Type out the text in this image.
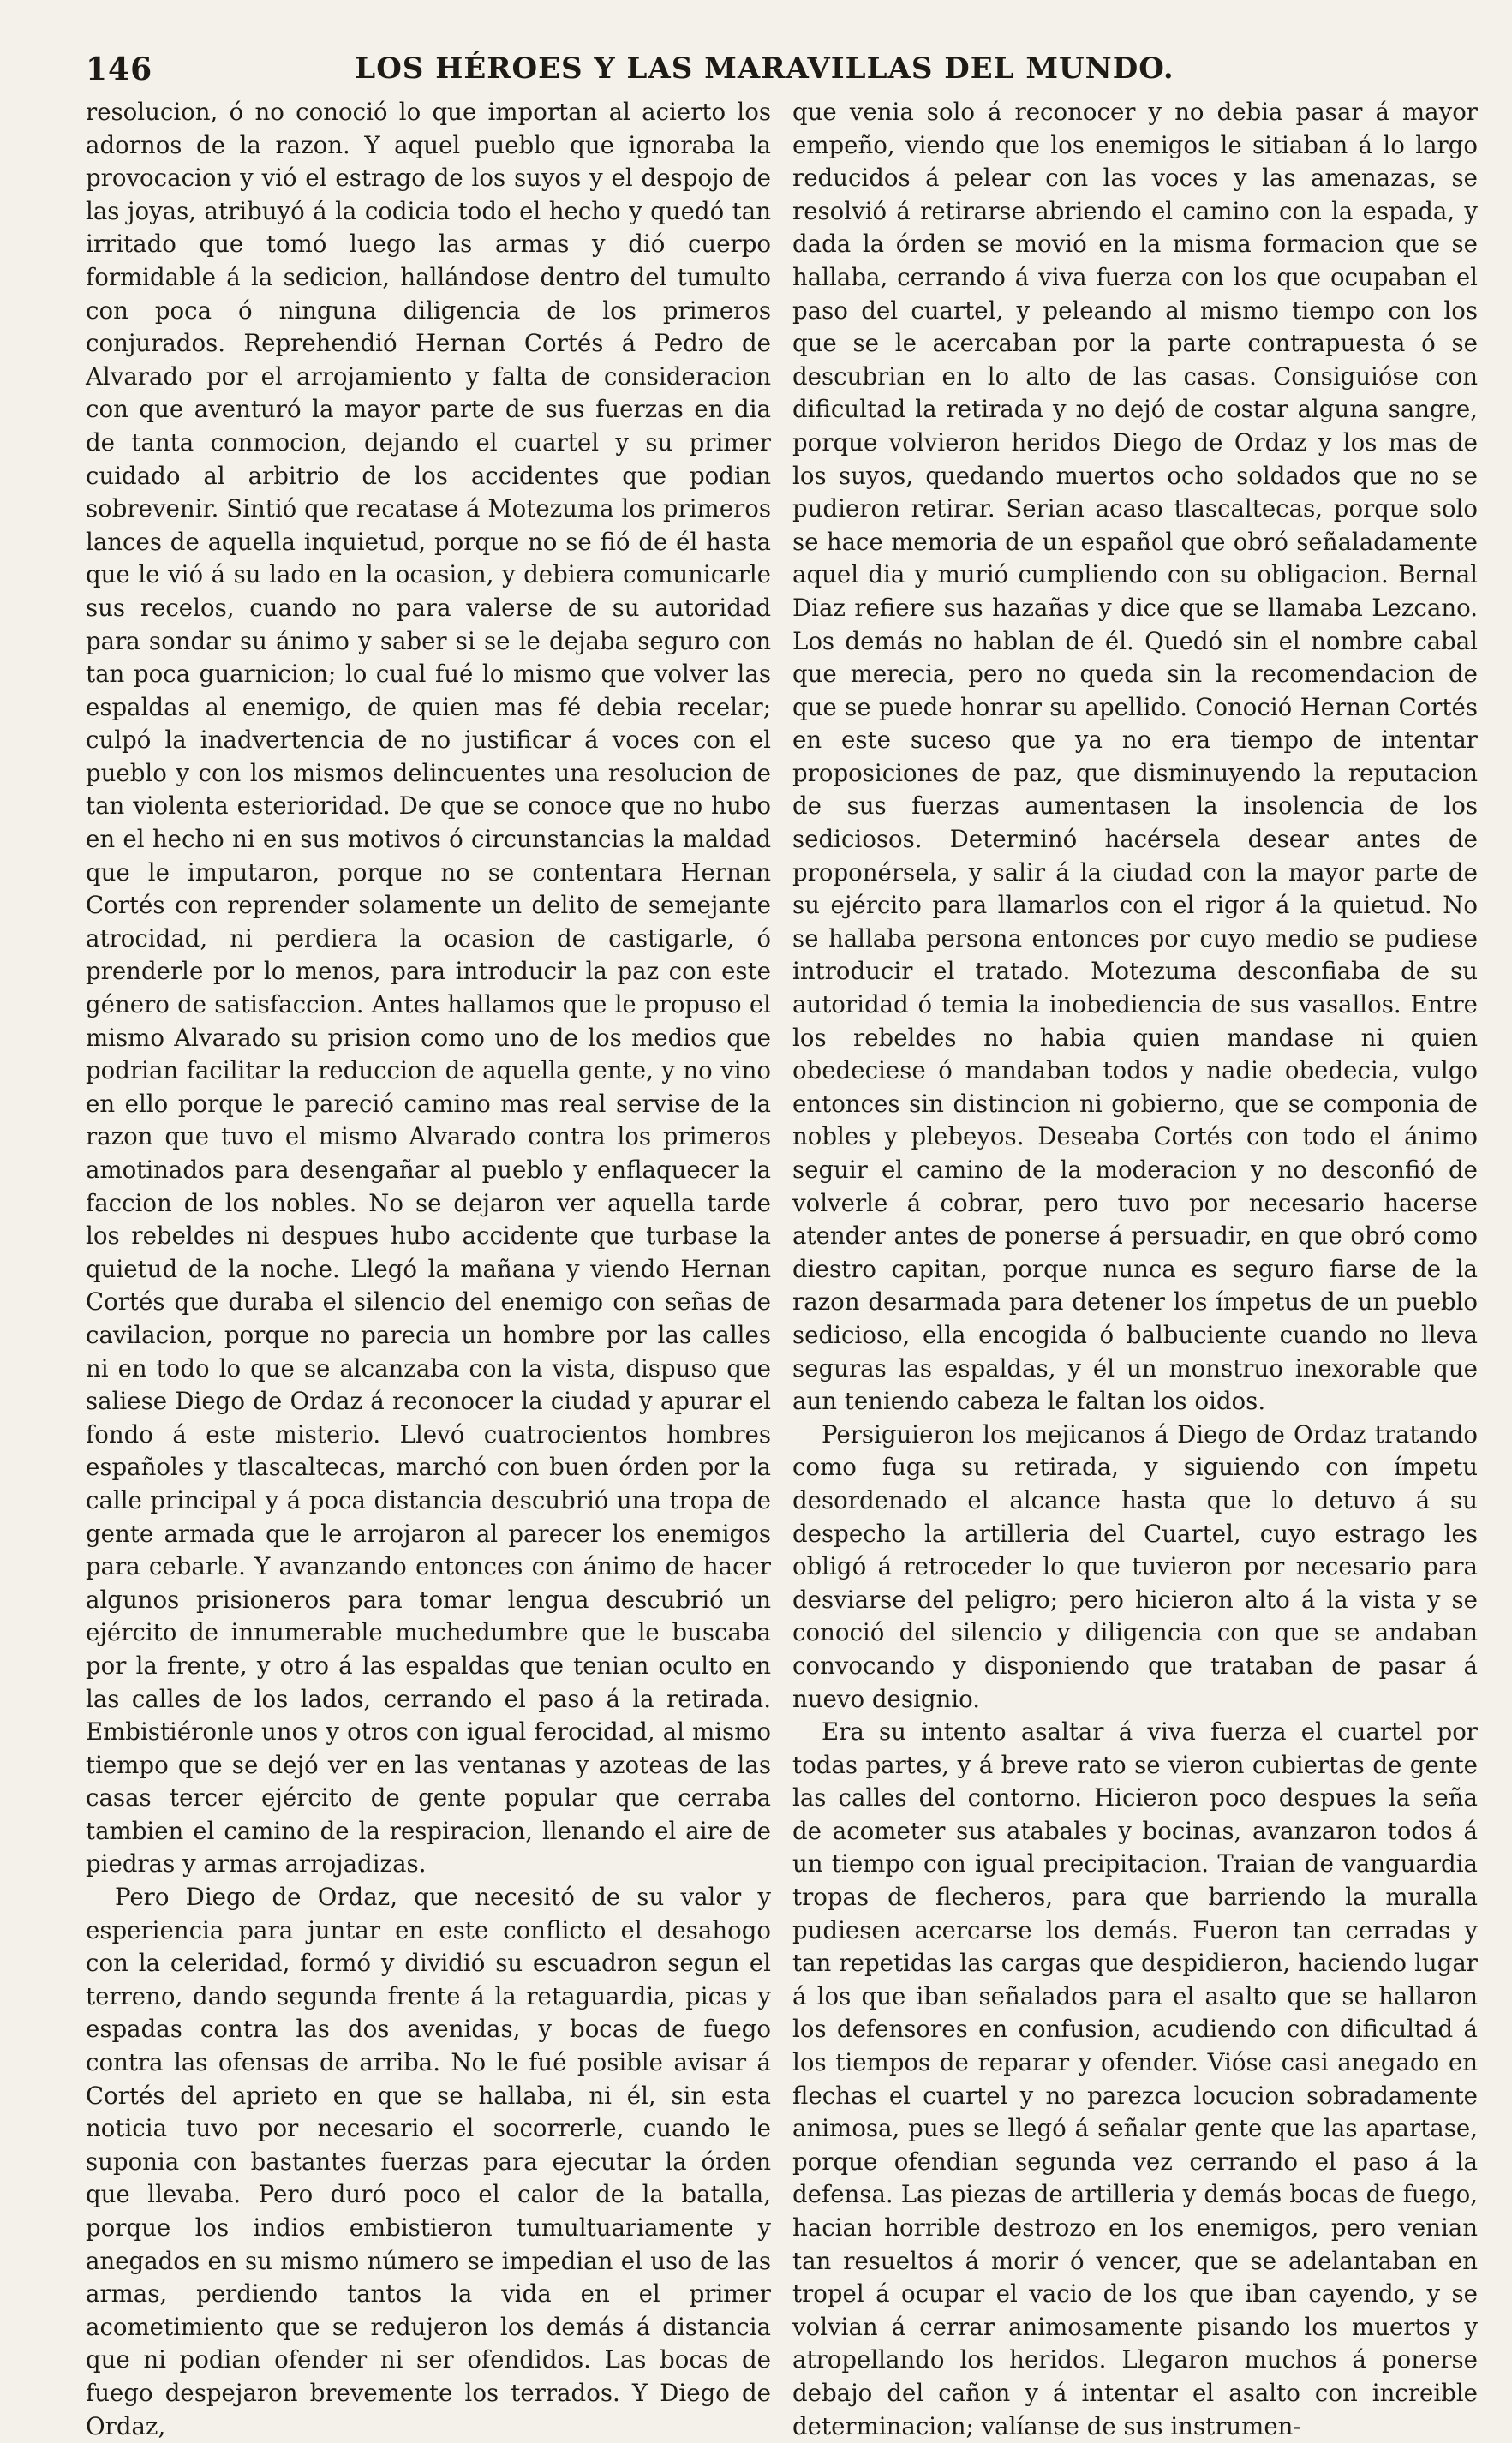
146	LOS HÉROES Y LAS MARAVILLAS DEL MUNDO.

resolucion, ó no conoció lo que importan al acierto los adornos de la razon. Y aquel pueblo que ignoraba la provocacion y vió el estrago de los suyos y el despojo de las joyas, atribuyó á la codicia todo el hecho y quedó tan irritado que tomó luego las armas y dió cuerpo formidable á la sedicion, hallándose dentro del tumulto con poca ó ninguna diligencia de los primeros conjurados. Reprehendió Hernan Cortés á Pedro de Alvarado por el arrojamiento y falta de consideracion con que aventuró la mayor parte de sus fuerzas en dia de tanta conmocion, dejando el cuartel y su primer cuidado al arbitrio de los accidentes que podian sobrevenir. Sintió que recatase á Motezuma los primeros lances de aquella inquietud, porque no se fió de él hasta que le vió á su lado en la ocasion, y debiera comunicarle sus recelos, cuando no para valerse de su autoridad para sondar su ánimo y saber si se le dejaba seguro con tan poca guarnicion; lo cual fué lo mismo que volver las espaldas al enemigo, de quien mas fé debia recelar; culpó la inadvertencia de no justificar á voces con el pueblo y con los mismos delincuentes una resolucion de tan violenta esterioridad. De que se conoce que no hubo en el hecho ni en sus motivos ó circunstancias la maldad que le imputaron, porque no se contentara Hernan Cortés con reprender solamente un delito de semejante atrocidad, ni perdiera la ocasion de castigarle, ó prenderle por lo menos, para introducir la paz con este género de satisfaccion. Antes hallamos que le propuso el mismo Alvarado su prision como uno de los medios que podrian facilitar la reduccion de aquella gente, y no vino en ello porque le pareció camino mas real servise de la razon que tuvo el mismo Alvarado contra los primeros amotinados para desengañar al pueblo y enflaquecer la faccion de los nobles. No se dejaron ver aquella tarde los rebeldes ni despues hubo accidente que turbase la quietud de la noche. Llegó la mañana y viendo Hernan Cortés que duraba el silencio del enemigo con señas de cavilacion, porque no parecia un hombre por las calles ni en todo lo que se alcanzaba con la vista, dispuso que saliese Diego de Ordaz á reconocer la ciudad y apurar el fondo á este misterio. Llevó cuatrocientos hombres españoles y tlascaltecas, marchó con buen órden por la calle principal y á poca distancia descubrió una tropa de gente armada que le arrojaron al parecer los enemigos para cebarle. Y avanzando entonces con ánimo de hacer algunos prisioneros para tomar lengua descubrió un ejército de innumerable muchedumbre que le buscaba por la frente, y otro á las espaldas que tenian oculto en las calles de los lados, cerrando el paso á la retirada. Embistiéronle unos y otros con igual ferocidad, al mismo tiempo que se dejó ver en las ventanas y azoteas de las casas tercer ejército de gente popular que cerraba tambien el camino de la respiracion, llenando el aire de piedras y armas arrojadizas.

Pero Diego de Ordaz, que necesitó de su valor y esperiencia para juntar en este conflicto el desahogo con la celeridad, formó y dividió su escuadron segun el terreno, dando segunda frente á la retaguardia, picas y espadas contra las dos avenidas, y bocas de fuego contra las ofensas de arriba. No le fué posible avisar á Cortés del aprieto en que se hallaba, ni él, sin esta noticia tuvo por necesario el socorrerle, cuando le suponia con bastantes fuerzas para ejecutar la órden que llevaba. Pero duró poco el calor de la batalla, porque los indios embistieron tumultuariamente y anegados en su mismo número se impedian el uso de las armas, perdiendo tantos la vida en el primer acometimiento que se redujeron los demás á distancia que ni podian ofender ni ser ofendidos. Las bocas de fuego despejaron brevemente los terrados. Y Diego de Ordaz,

que venia solo á reconocer y no debia pasar á mayor empeño, viendo que los enemigos le sitiaban á lo largo reducidos á pelear con las voces y las amenazas, se resolvió á retirarse abriendo el camino con la espada, y dada la órden se movió en la misma formacion que se hallaba, cerrando á viva fuerza con los que ocupaban el paso del cuartel, y peleando al mismo tiempo con los que se le acercaban por la parte contrapuesta ó se descubrian en lo alto de las casas. Consiguióse con dificultad la retirada y no dejó de costar alguna sangre, porque volvieron heridos Diego de Ordaz y los mas de los suyos, quedando muertos ocho soldados que no se pudieron retirar. Serian acaso tlascaltecas, porque solo se hace memoria de un español que obró señaladamente aquel dia y murió cumpliendo con su obligacion. Bernal Diaz refiere sus hazañas y dice que se llamaba Lezcano. Los demás no hablan de él. Quedó sin el nombre cabal que merecia, pero no queda sin la recomendacion de que se puede honrar su apellido. Conoció Hernan Cortés en este suceso que ya no era tiempo de intentar proposiciones de paz, que disminuyendo la reputacion de sus fuerzas aumentasen la insolencia de los sediciosos. Determinó hacérsela desear antes de proponérsela, y salir á la ciudad con la mayor parte de su ejército para llamarlos con el rigor á la quietud. No se hallaba persona entonces por cuyo medio se pudiese introducir el tratado. Motezuma desconfiaba de su autoridad ó temia la inobediencia de sus vasallos. Entre los rebeldes no habia quien mandase ni quien obedeciese ó mandaban todos y nadie obedecia, vulgo entonces sin distincion ni gobierno, que se componia de nobles y plebeyos. Deseaba Cortés con todo el ánimo seguir el camino de la moderacion y no desconfió de volverle á cobrar, pero tuvo por necesario hacerse atender antes de ponerse á persuadir, en que obró como diestro capitan, porque nunca es seguro fiarse de la razon desarmada para detener los ímpetus de un pueblo sedicioso, ella encogida ó balbuciente cuando no lleva seguras las espaldas, y él un monstruo inexorable que aun teniendo cabeza le faltan los oidos.

Persiguieron los mejicanos á Diego de Ordaz tratando como fuga su retirada, y siguiendo con ímpetu desordenado el alcance hasta que lo detuvo á su despecho la artilleria del Cuartel, cuyo estrago les obligó á retroceder lo que tuvieron por necesario para desviarse del peligro; pero hicieron alto á la vista y se conoció del silencio y diligencia con que se andaban convocando y disponiendo que trataban de pasar á nuevo designio.

Era su intento asaltar á viva fuerza el cuartel por todas partes, y á breve rato se vieron cubiertas de gente las calles del contorno. Hicieron poco despues la seña de acometer sus atabales y bocinas, avanzaron todos á un tiempo con igual precipitacion. Traian de vanguardia tropas de flecheros, para que barriendo la muralla pudiesen acercarse los demás. Fueron tan cerradas y tan repetidas las cargas que despidieron, haciendo lugar á los que iban señalados para el asalto que se hallaron los defensores en confusion, acudiendo con dificultad á los tiempos de reparar y ofender. Vióse casi anegado en flechas el cuartel y no parezca locucion sobradamente animosa, pues se llegó á señalar gente que las apartase, porque ofendian segunda vez cerrando el paso á la defensa. Las piezas de artilleria y demás bocas de fuego, hacian horrible destrozo en los enemigos, pero venian tan resueltos á morir ó vencer, que se adelantaban en tropel á ocupar el vacio de los que iban cayendo, y se volvian á cerrar animosamente pisando los muertos y atropellando los heridos. Llegaron muchos á ponerse debajo del cañon y á intentar el asalto con increible determinacion; valíanse de sus instrumen-
